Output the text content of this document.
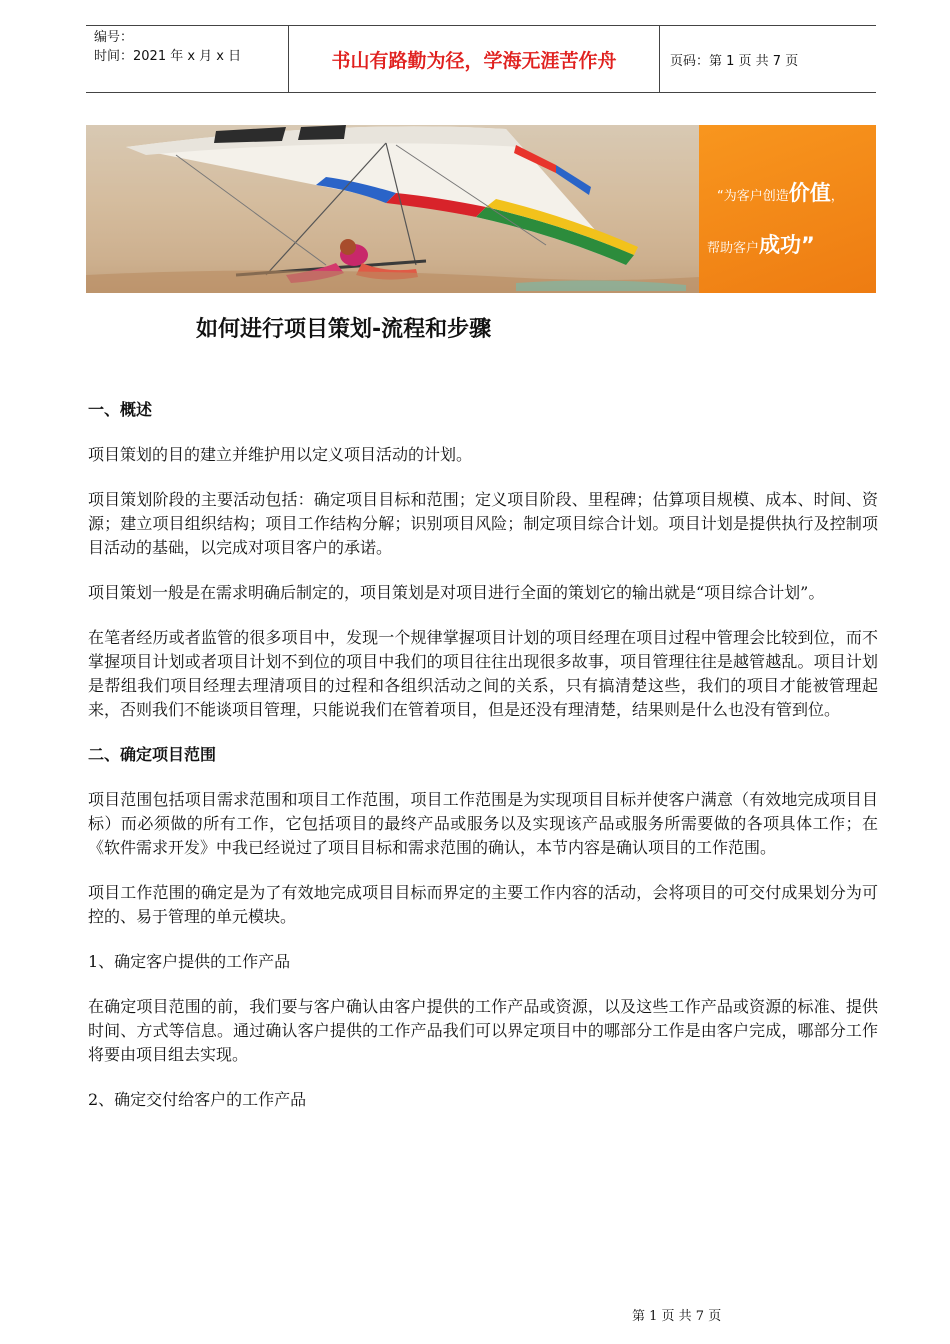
编号：
时间：2021 年 x 月 x 日	书山有路勤为径，学海无涯苦作舟	页码：第 1 页 共 7 页
“为客户创造价值，
帮助客户成功”
如何进行项目策划-流程和步骤

一、概述

项目策划的目的建立并维护用以定义项目活动的计划。

项目策划阶段的主要活动包括：确定项目目标和范围；定义项目阶段、里程碑；估算项目规模、成本、时间、资源；建立项目组织结构；项目工作结构分解；识别项目风险；制定项目综合计划。项目计划是提供执行及控制项目活动的基础，以完成对项目客户的承诺。

项目策划一般是在需求明确后制定的，项目策划是对项目进行全面的策划它的输出就是“项目综合计划”。

在笔者经历或者监管的很多项目中，发现一个规律掌握项目计划的项目经理在项目过程中管理会比较到位，而不掌握项目计划或者项目计划不到位的项目中我们的项目往往出现很多故事，项目管理往往是越管越乱。项目计划是帮组我们项目经理去理清项目的过程和各组织活动之间的关系，只有搞清楚这些，我们的项目才能被管理起来，否则我们不能谈项目管理，只能说我们在管着项目，但是还没有理清楚，结果则是什么也没有管到位。

二、确定项目范围

项目范围包括项目需求范围和项目工作范围，项目工作范围是为实现项目目标并使客户满意（有效地完成项目目标）而必须做的所有工作，它包括项目的最终产品或服务以及实现该产品或服务所需要做的各项具体工作；在《软件需求开发》中我已经说过了项目目标和需求范围的确认，本节内容是确认项目的工作范围。

项目工作范围的确定是为了有效地完成项目目标而界定的主要工作内容的活动，会将项目的可交付成果划分为可控的、易于管理的单元模块。

1、确定客户提供的工作产品

在确定项目范围的前，我们要与客户确认由客户提供的工作产品或资源，以及这些工作产品或资源的标准、提供时间、方式等信息。通过确认客户提供的工作产品我们可以界定项目中的哪部分工作是由客户完成，哪部分工作将要由项目组去实现。

2、确定交付给客户的工作产品

第 1 页 共 7 页
